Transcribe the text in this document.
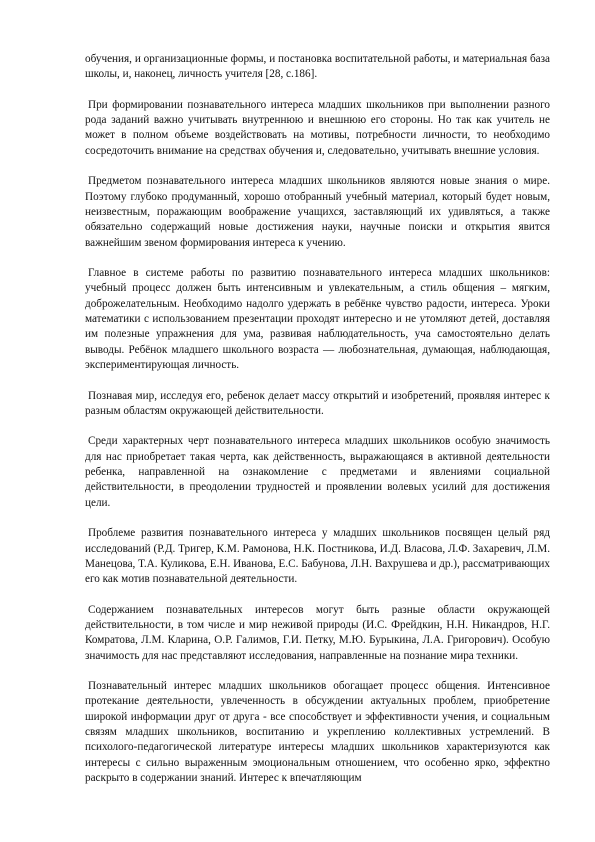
обучения, и организационные формы, и постановка воспитательной работы, и материальная база школы, и, наконец, личность учителя [28, с.186].

При формировании познавательного интереса младших школьников при выполнении разного рода заданий важно учитывать внутреннюю и внешнюю его стороны. Но так как учитель не может в полном объеме воздействовать на мотивы, потребности личности, то необходимо сосредоточить внимание на средствах обучения и, следовательно, учитывать внешние условия.

Предметом познавательного интереса младших школьников являются новые знания о мире. Поэтому глубоко продуманный, хорошо отобранный учебный материал, который будет новым, неизвестным, поражающим воображение учащихся, заставляющий их удивляться, а также обязательно содержащий новые достижения науки, научные поиски и открытия явится важнейшим звеном формирования интереса к учению.

Главное в системе работы по развитию познавательного интереса младших школьников: учебный процесс должен быть интенсивным и увлекательным, а стиль общения – мягким, доброжелательным. Необходимо надолго удержать в ребёнке чувство радости, интереса. Уроки математики с использованием презентации проходят интересно и не утомляют детей, доставляя им полезные упражнения для ума, развивая наблюдательность, уча самостоятельно делать выводы. Ребёнок младшего школьного возраста — любознательная, думающая, наблюдающая, экспериментирующая личность.

Познавая мир, исследуя его, ребенок делает массу открытий и изобретений, проявляя интерес к разным областям окружающей действительности.

Среди характерных черт познавательного интереса младших школьников особую значимость для нас приобретает такая черта, как действенность, выражающаяся в активной деятельности ребенка, направленной на ознакомление с предметами и явлениями социальной действительности, в преодолении трудностей и проявлении волевых усилий для достижения цели.

Проблеме развития познавательного интереса у младших школьников посвящен целый ряд исследований (Р.Д. Тригер, К.М. Рамонова, Н.К. Постникова, И.Д. Власова, Л.Ф. Захаревич, Л.М. Манецова, Т.А. Куликова, Е.Н. Иванова, Е.С. Бабунова, Л.Н. Вахрушева и др.), рассматривающих его как мотив познавательной деятельности.

Содержанием познавательных интересов могут быть разные области окружающей действительности, в том числе и мир неживой природы (И.С. Фрейдкин, Н.Н. Никандров, Н.Г. Комратова, Л.М. Кларина, О.Р. Галимов, Г.И. Петку, М.Ю. Бурыкина, Л.А. Григорович). Особую значимость для нас представляют исследования, направленные на познание мира техники.

Познавательный интерес младших школьников обогащает процесс общения. Интенсивное протекание деятельности, увлеченность в обсуждении актуальных проблем, приобретение широкой информации друг от друга - все способствует и эффективности учения, и социальным связям младших школьников, воспитанию и укреплению коллективных устремлений. В психолого-педагогической литературе интересы младших школьников характеризуются как интересы с сильно выраженным эмоциональным отношением, что особенно ярко, эффектно раскрыто в содержании знаний. Интерес к впечатляющим
